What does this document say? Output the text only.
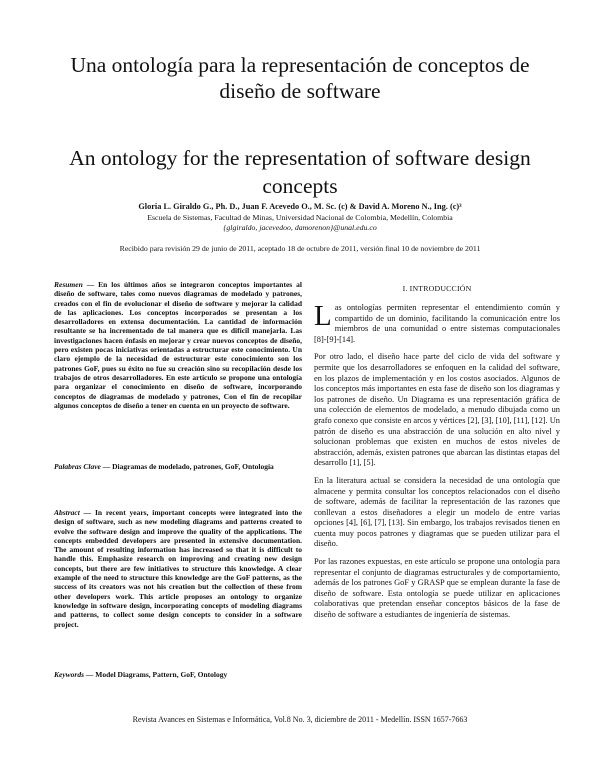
Una ontología para la representación de conceptos de diseño de software
An ontology for the representation of software design concepts
Gloria L. Giraldo G., Ph. D., Juan F. Acevedo O., M. Sc. (c) & David A. Moreno N., Ing. (c)³
Escuela de Sistemas, Facultad de Minas, Universidad Nacional de Colombia, Medellín, Colombia
{glgiraldo, jacevedoo, damorenon}@unal.edu.co
Recibido para revisión 29 de junio de 2011, aceptado 18 de octubre de 2011, versión final 10 de noviembre de 2011
Resumen — En los últimos años se integraron conceptos importantes al diseño de software, tales como nuevos diagramas de modelado y patrones, creados con el fin de evolucionar el diseño de software y mejorar la calidad de las aplicaciones. Los conceptos incorporados se presentan a los desarrolladores en extensa documentación. La cantidad de información resultante se ha incrementado de tal manera que es difícil manejarla. Las investigaciones hacen énfasis en mejorar y crear nuevos conceptos de diseño, pero existen pocas iniciativas orientadas a estructurar este conocimiento. Un claro ejemplo de la necesidad de estructurar este conocimiento son los patrones GoF, pues su éxito no fue su creación sino su recopilación desde los trabajos de otros desarrolladores. En este artículo se propone una ontología para organizar el conocimiento en diseño de software, incorporando conceptos de diagramas de modelado y patrones, Con el fin de recopilar algunos conceptos de diseño a tener en cuenta en un proyecto de software.
Palabras Clave — Diagramas de modelado, patrones, GoF, Ontología
Abstract — In recent years, important concepts were integrated into the design of software, such as new modeling diagrams and patterns created to evolve the software design and improve the quality of the applications. The concepts embedded developers are presented in extensive documentation. The amount of resulting information has increased so that it is difficult to handle this. Emphasize research on improving and creating new design concepts, but there are few initiatives to structure this knowledge. A clear example of the need to structure this knowledge are the GoF patterns, as the success of its creators was not his creation but the collection of these from other developers work. This article proposes an ontology to organize knowledge in software design, incorporating concepts of modeling diagrams and patterns, to collect some design concepts to consider in a software project.
Keywords — Model Diagrams, Pattern, GoF, Ontology
I. INTRODUCCIÓN

Las ontologías permiten representar el entendimiento común y compartido de un dominio, facilitando la comunicación entre los miembros de una comunidad o entre sistemas computacionales [8]-[9]-[14].

Por otro lado, el diseño hace parte del ciclo de vida del software y permite que los desarrolladores se enfoquen en la calidad del software, en los plazos de implementación y en los costos asociados. Algunos de los conceptos más importantes en esta fase de diseño son los diagramas y los patrones de diseño. Un Diagrama es una representación gráfica de una colección de elementos de modelado, a menudo dibujada como un grafo conexo que consiste en arcos y vértices [2], [3], [10], [11], [12]. Un patrón de diseño es una abstracción de una solución en alto nivel y solucionan problemas que existen en muchos de estos niveles de abstracción, además, existen patrones que abarcan las distintas etapas del desarrollo [1], [5].

En la literatura actual se considera la necesidad de una ontología que almacene y permita consultar los conceptos relacionados con el diseño de software, además de facilitar la representación de las razones que conllevan a estos diseñadores a elegir un modelo de entre varias opciones [4], [6], [7], [13]. Sin embargo, los trabajos revisados tienen en cuenta muy pocos patrones y diagramas que se pueden utilizar para el diseño.

Por las razones expuestas, en este artículo se propone una ontología para representar el conjunto de diagramas estructurales y de comportamiento, además de los patrones GoF y GRASP que se emplean durante la fase de diseño de software. Esta ontología se puede utilizar en aplicaciones colaborativas que pretendan enseñar conceptos básicos de la fase de diseño de software a estudiantes de ingeniería de sistemas.

Revista Avances en Sistemas e Informática, Vol.8 No. 3, diciembre de 2011 - Medellín. ISSN 1657-7663
